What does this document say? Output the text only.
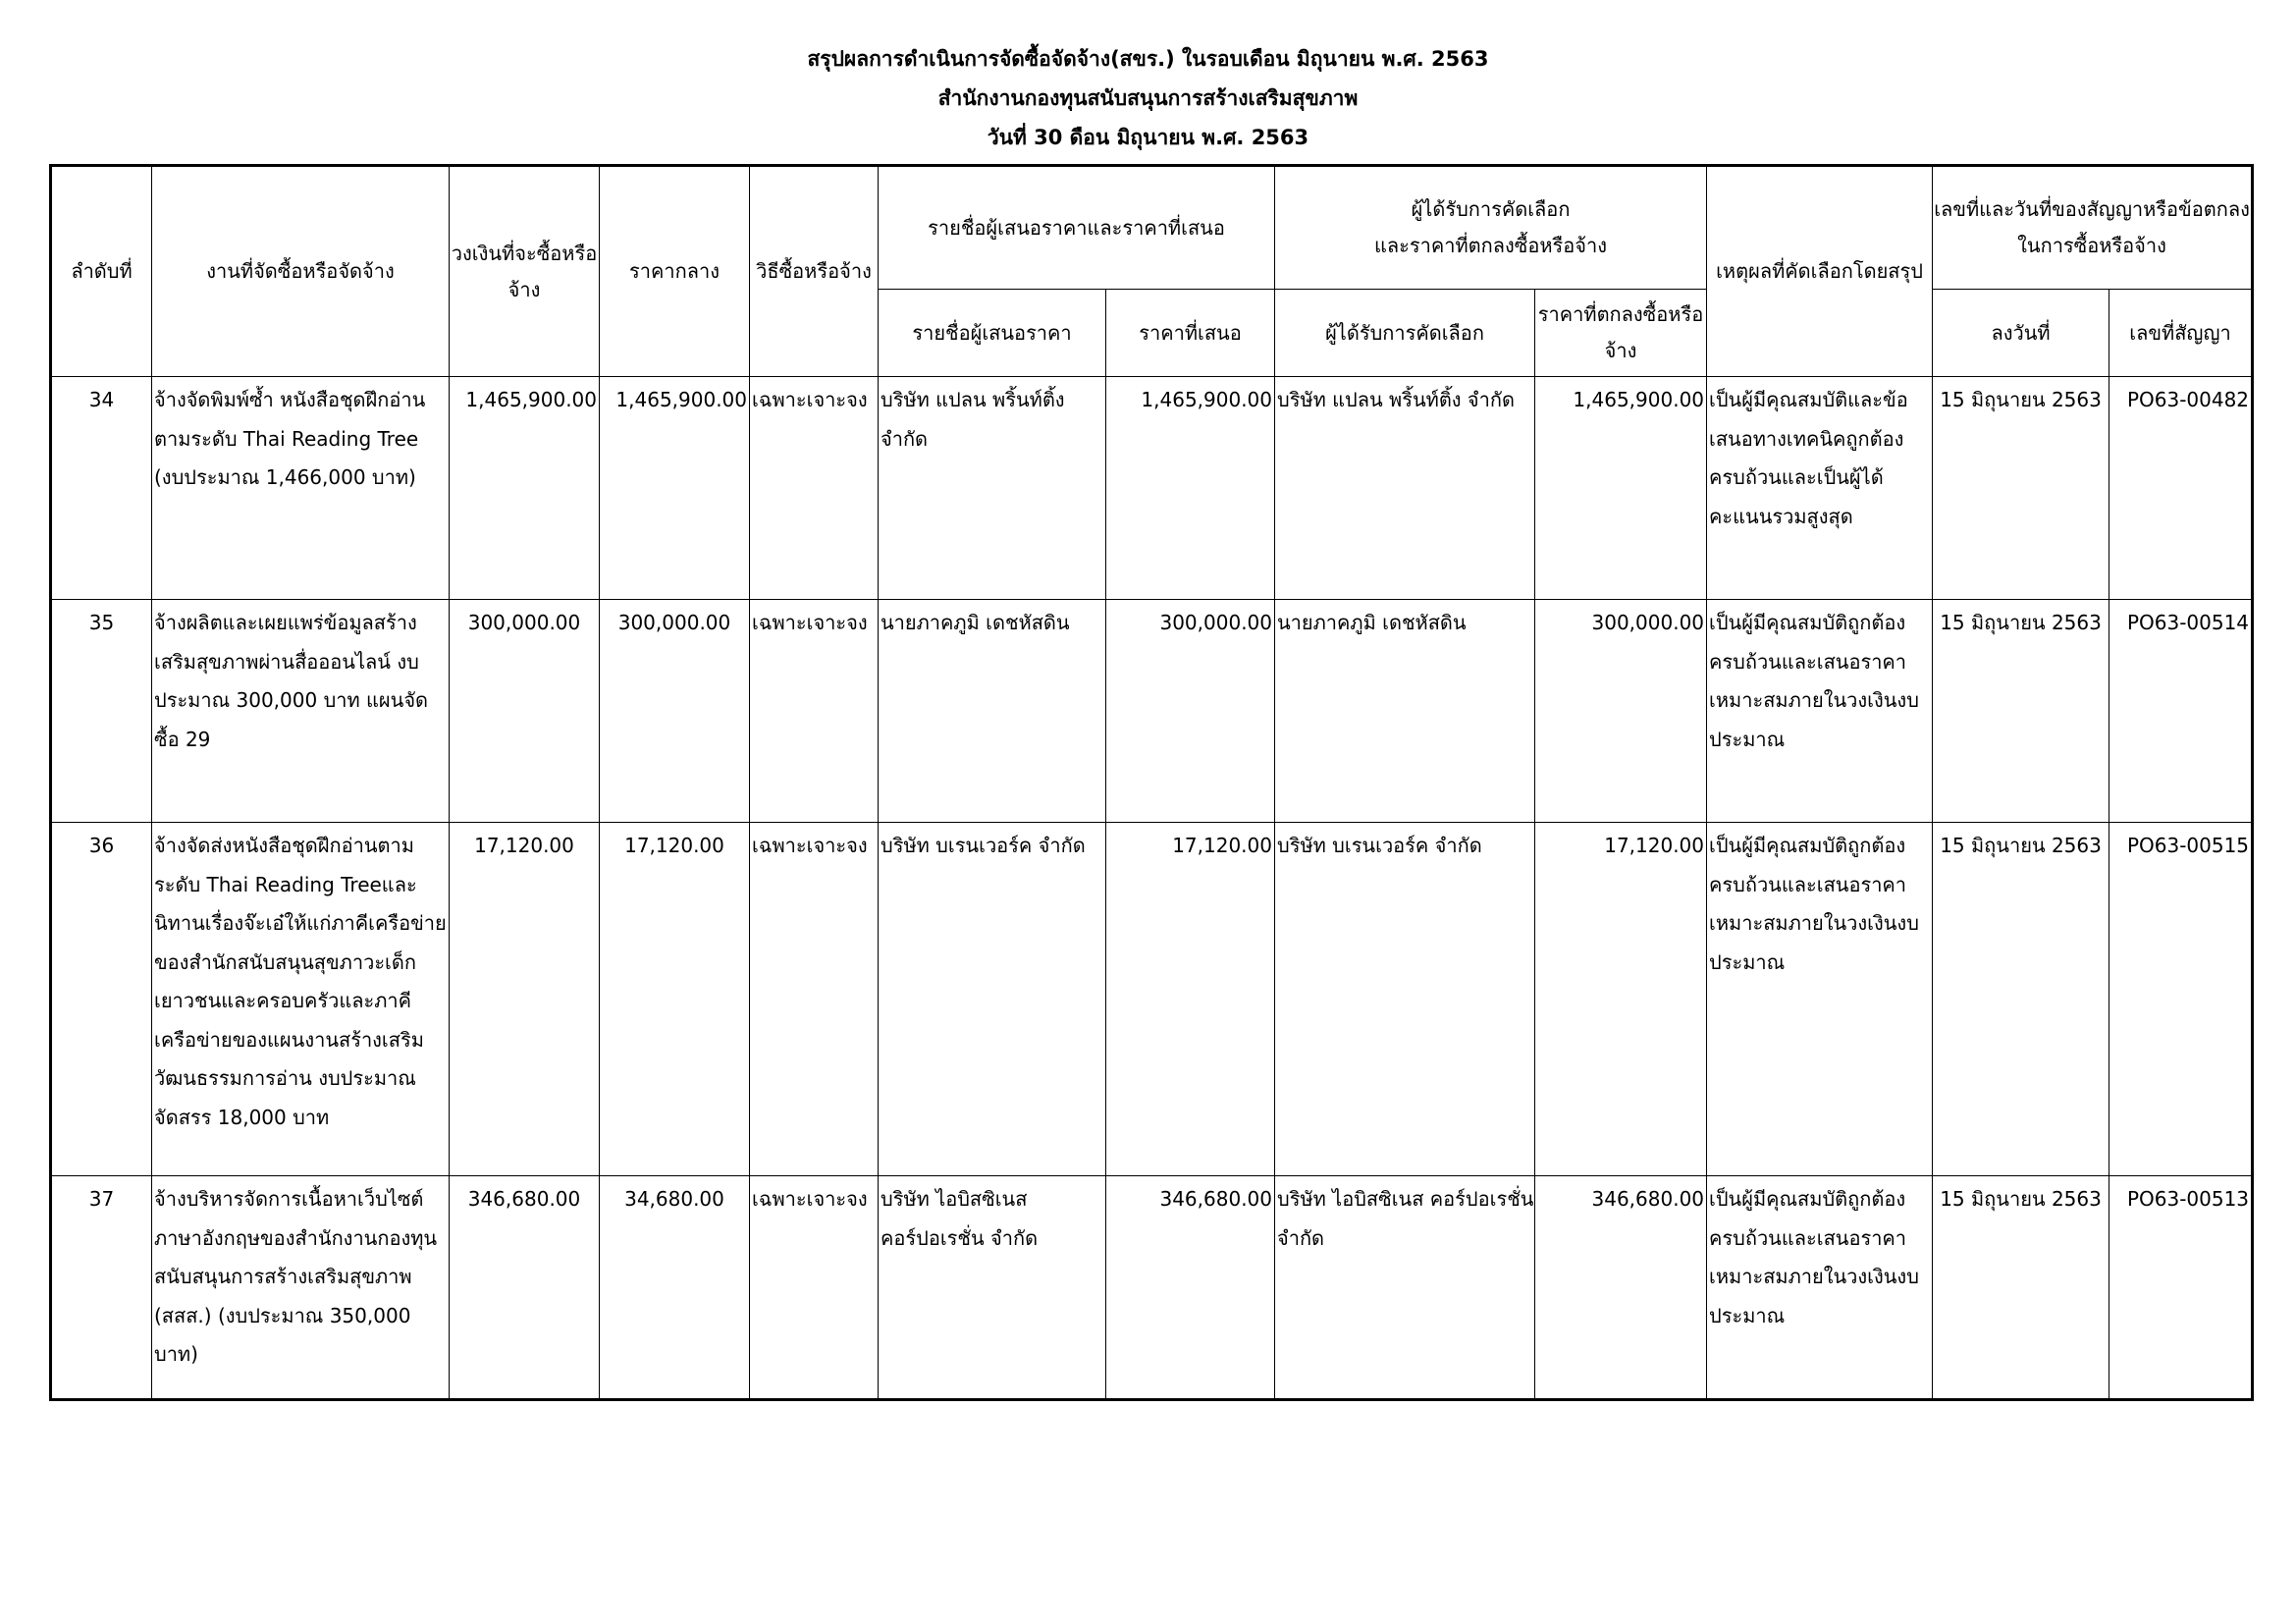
สรุปผลการดำเนินการจัดซื้อจัดจ้าง(สขร.) ในรอบเดือน มิถุนายน พ.ศ. 2563
สำนักงานกองทุนสนับสนุนการสร้างเสริมสุขภาพ
วันที่ 30 ดือน มิถุนายน พ.ศ. 2563
ลำดับที่	งานที่จัดซื้อหรือจัดจ้าง	วงเงินที่จะซื้อหรือจ้าง	ราคากลาง	วิธีซื้อหรือจ้าง	รายชื่อผู้เสนอราคาและราคาที่เสนอ		ผู้ได้รับการคัดเลือก
และราคาที่ตกลงซื้อหรือจ้าง		เหตุผลที่คัดเลือกโดยสรุป	เลขที่และวันที่ของสัญญาหรือข้อตกลงในการซื้อหรือจ้าง	
					รายชื่อผู้เสนอราคา	ราคาที่เสนอ	ผู้ได้รับการคัดเลือก	ราคาที่ตกลงซื้อหรือจ้าง		ลงวันที่	เลขที่สัญญา
34	จ้างจัดพิมพ์ซ้ำ หนังสือชุดฝึกอ่านตามระดับ Thai Reading Tree (งบประมาณ 1,466,000 บาท)	1,465,900.00	1,465,900.00	เฉพาะเจาะจง	บริษัท แปลน พริ้นท์ติ้ง จำกัด	1,465,900.00	บริษัท แปลน พริ้นท์ติ้ง จำกัด	1,465,900.00	เป็นผู้มีคุณสมบัติและข้อเสนอทางเทคนิคถูกต้องครบถ้วนและเป็นผู้ได้คะแนนรวมสูงสุด	15 มิถุนายน 2563	PO63-00482
35	จ้างผลิตและเผยแพร่ข้อมูลสร้างเสริมสุขภาพผ่านสื่อออนไลน์ งบประมาณ 300,000 บาท แผนจัดซื้อ 29	300,000.00	300,000.00	เฉพาะเจาะจง	นายภาคภูมิ เดชหัสดิน	300,000.00	นายภาคภูมิ เดชหัสดิน	300,000.00	เป็นผู้มีคุณสมบัติถูกต้องครบถ้วนและเสนอราคาเหมาะสมภายในวงเงินงบประมาณ	15 มิถุนายน 2563	PO63-00514
36	จ้างจัดส่งหนังสือชุดฝึกอ่านตามระดับ Thai Reading Treeและนิทานเรื่องจ๊ะเอ๋ให้แก่ภาคีเครือข่ายของสำนักสนับสนุนสุขภาวะเด็กเยาวชนและครอบครัวและภาคีเครือข่ายของแผนงานสร้างเสริมวัฒนธรรมการอ่าน งบประมาณจัดสรร 18,000 บาท	17,120.00	17,120.00	เฉพาะเจาะจง	บริษัท บเรนเวอร์ค จำกัด	17,120.00	บริษัท บเรนเวอร์ค จำกัด	17,120.00	เป็นผู้มีคุณสมบัติถูกต้องครบถ้วนและเสนอราคาเหมาะสมภายในวงเงินงบประมาณ	15 มิถุนายน 2563	PO63-00515
37	จ้างบริหารจัดการเนื้อหาเว็บไซต์ภาษาอังกฤษของสำนักงานกองทุนสนับสนุนการสร้างเสริมสุขภาพ (สสส.) (งบประมาณ 350,000 บาท)	346,680.00	34,680.00	เฉพาะเจาะจง	บริษัท ไอบิสซิเนส คอร์ปอเรชั่น จำกัด	346,680.00	บริษัท ไอบิสซิเนส คอร์ปอเรชั่น จำกัด	346,680.00	เป็นผู้มีคุณสมบัติถูกต้องครบถ้วนและเสนอราคาเหมาะสมภายในวงเงินงบประมาณ	15 มิถุนายน 2563	PO63-00513
